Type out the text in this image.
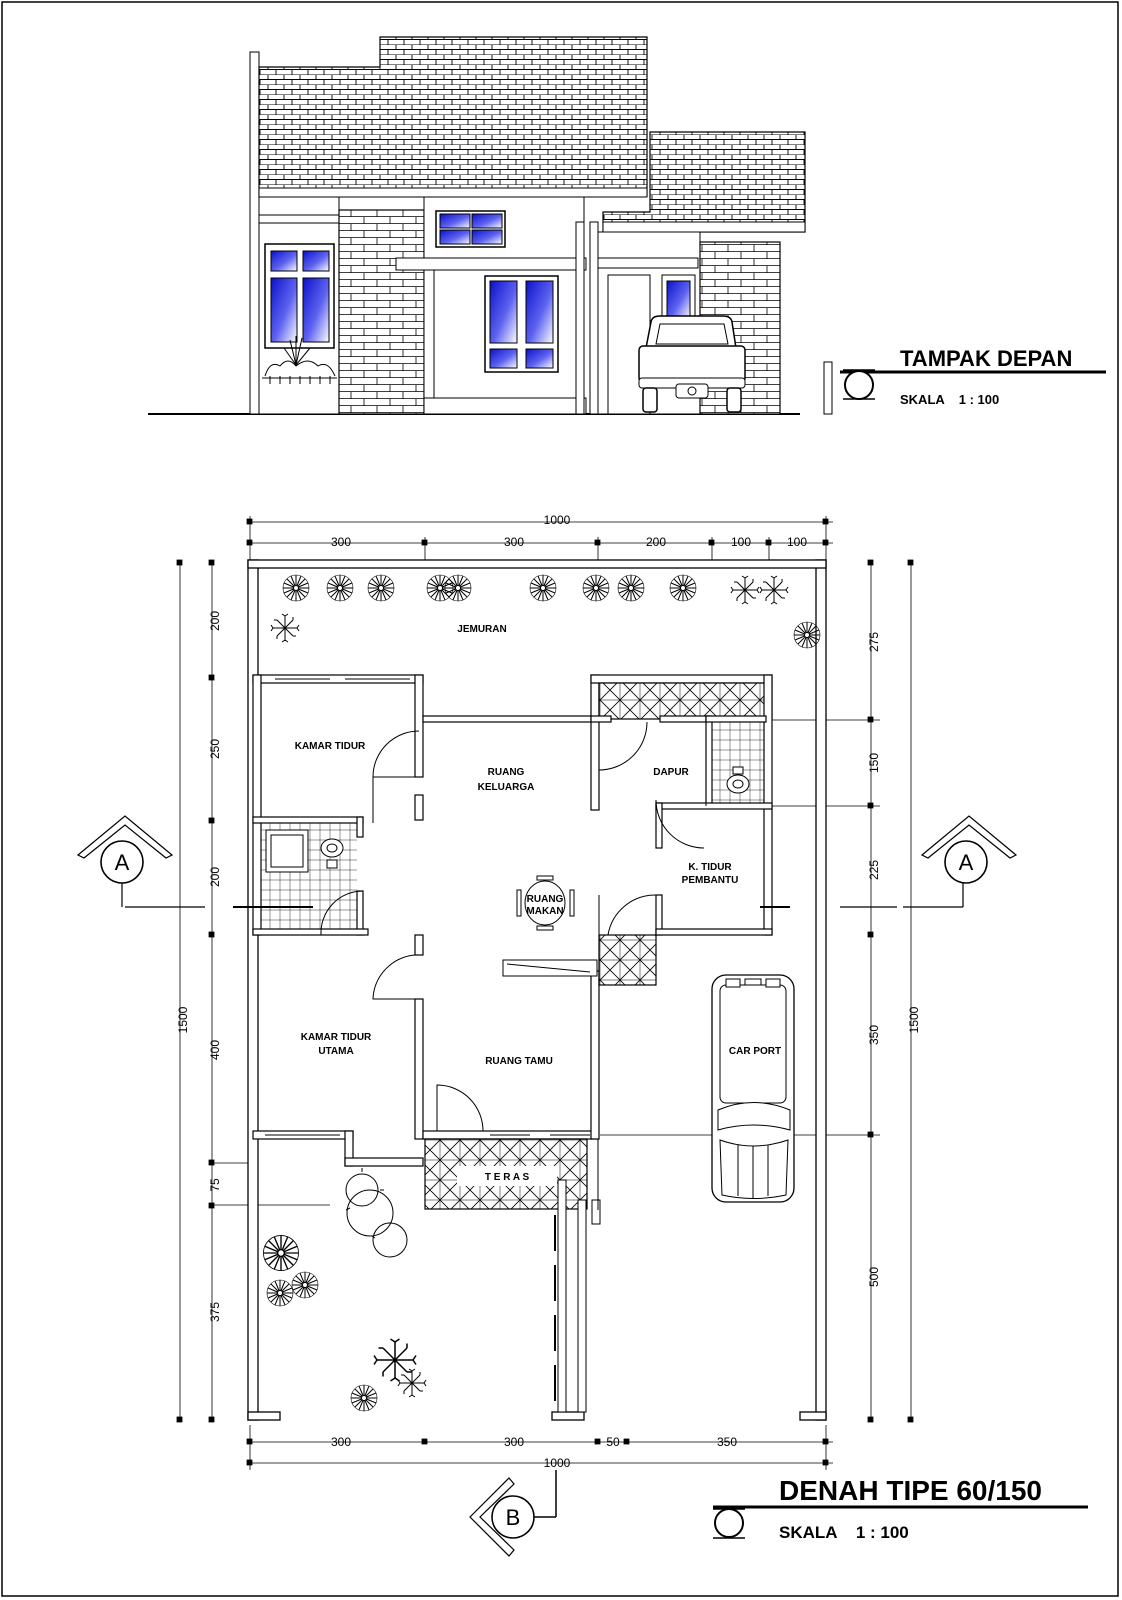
TAMPAK DEPAN
SKALA    1 : 100
1000
300	300	200	100	100
300	300	50	350
1000
200
250
200
400
75
375
1500
275
150
225
350
500
1500
T E R A S
JEMURAN
KAMAR TIDUR
RUANG
KELUARGA
DAPUR
K. TIDUR
PEMBANTU
RUANG
MAKAN
KAMAR TIDUR
UTAMA
RUANG TAMU
CAR PORT
A	A
B
DENAH TIPE 60/150
SKALA    1 : 100
